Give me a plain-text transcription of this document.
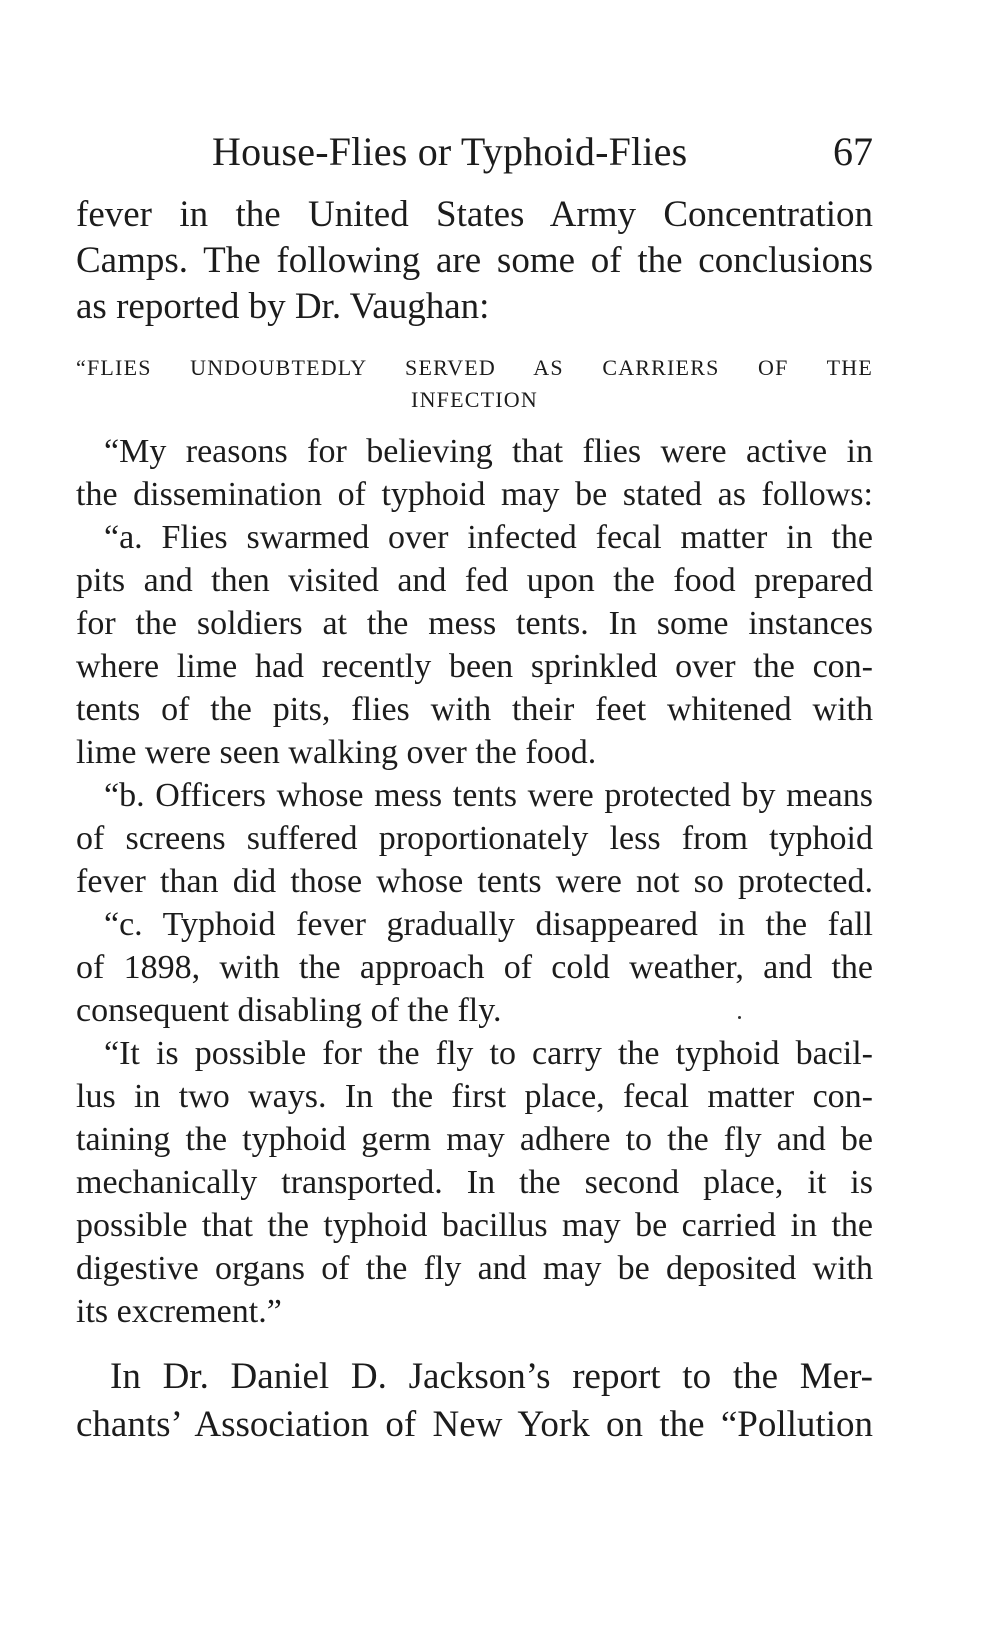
House-Flies or Typhoid-Flies	67
fever in the United States Army Concentration
Camps. The following are some of the conclusions
as reported by Dr. Vaughan:
“FLIES UNDOUBTEDLY SERVED AS CARRIERS OF THE
INFECTION
“My reasons for believing that flies were active in
the dissemination of typhoid may be stated as follows:
“a. Flies swarmed over infected fecal matter in the
pits and then visited and fed upon the food prepared
for the soldiers at the mess tents. In some instances
where lime had recently been sprinkled over the con-
tents of the pits, flies with their feet whitened with
lime were seen walking over the food.
“b. Officers whose mess tents were protected by means
of screens suffered proportionately less from typhoid
fever than did those whose tents were not so protected.
“c. Typhoid fever gradually disappeared in the fall
of 1898, with the approach of cold weather, and the
consequent disabling of the fly.
“It is possible for the fly to carry the typhoid bacil-
lus in two ways. In the first place, fecal matter con-
taining the typhoid germ may adhere to the fly and be
mechanically transported. In the second place, it is
possible that the typhoid bacillus may be carried in the
digestive organs of the fly and may be deposited with
its excrement.”
In Dr. Daniel D. Jackson’s report to the Mer-
chants’ Association of New York on the “Pollution
